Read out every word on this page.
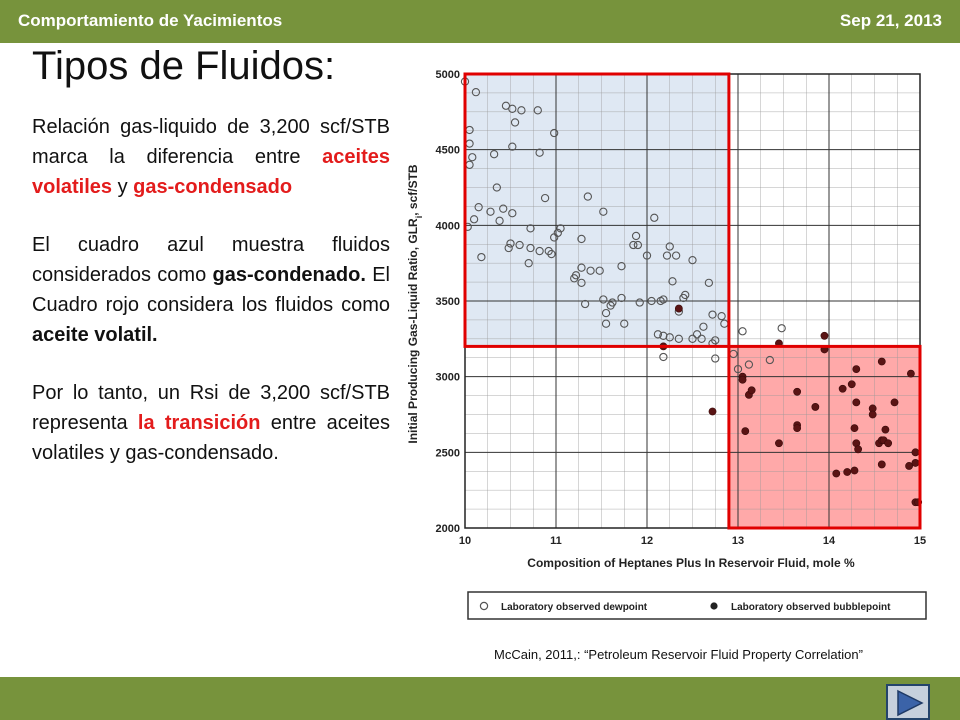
Comportamiento de Yacimientos	Sep 21, 2013
Tipos de Fluidos:

Relación gas-liquido de 3,200 scf/STB marca la diferencia entre aceites volatiles y gas-condensado

El cuadro azul muestra fluidos considerados como gas-condenado. El Cuadro rojo considera los fluidos como aceite volatil.

Por lo tanto, un Rsi de 3,200 scf/STB representa la transición entre aceites volatiles y gas-condensado.

10	11	12	13	14	15
2000
2500
3000
3500
4000
4500
5000
Composition of Heptanes Plus In Reservoir Fluid, mole %
Initial Producing Gas-Liquid Ratio, $GLR_i$, scf/STB
Laboratory observed dewpoint	Laboratory observed bubblepoint
McCain, 2011,: “Petroleum Reservoir Fluid Property Correlation”
